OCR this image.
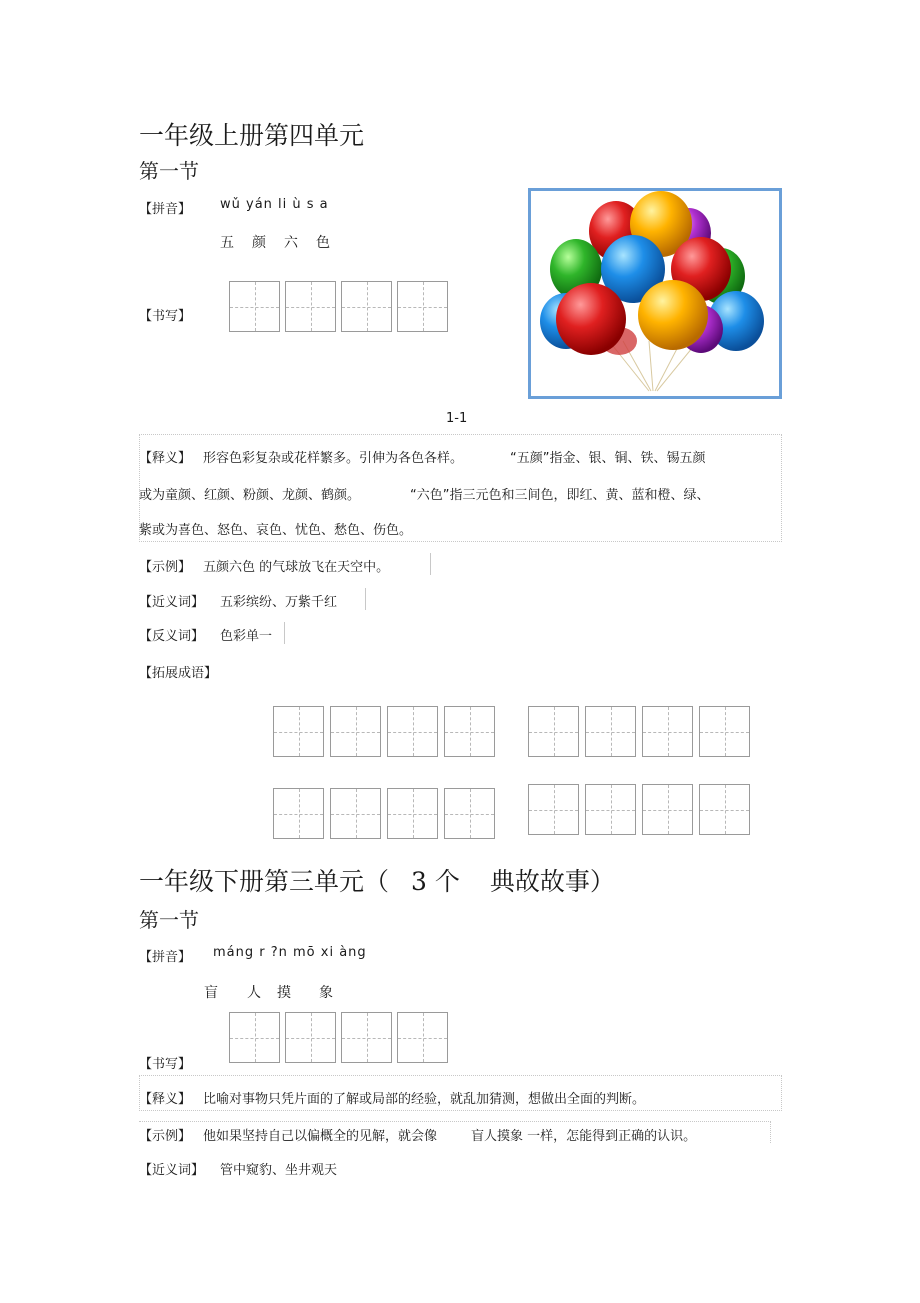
一年级上册第四单元
第一节
【拼音】 wǔ yán li ù s a
五 颜 六 色
【书写】
1-1
【释义】 形容色彩复杂或花样繁多。引伸为各色各样。	“五颜”指金、银、铜、铁、锡五颜
或为童颜、红颜、粉颜、龙颜、鹤颜。	“六色”指三元色和三间色，即红、黄、蓝和橙、绿、
紫或为喜色、怒色、哀色、忧色、愁色、伤色。
【示例】 五颜六色 的气球放飞在天空中。
【近义词】 五彩缤纷、万紫千红
【反义词】 色彩单一
【拓展成语】
一年级下册第三单元（ 3 个 典故故事）
第一节
【拼音】 máng r ?n mō xi àng
盲 人 摸 象
【书写】
【释义】 比喻对事物只凭片面的了解或局部的经验，就乱加猜测，想做出全面的判断。
【示例】 他如果坚持自己以偏概全的见解，就会像	盲人摸象 一样，怎能得到正确的认识。
【近义词】 管中窥豹、坐井观天
